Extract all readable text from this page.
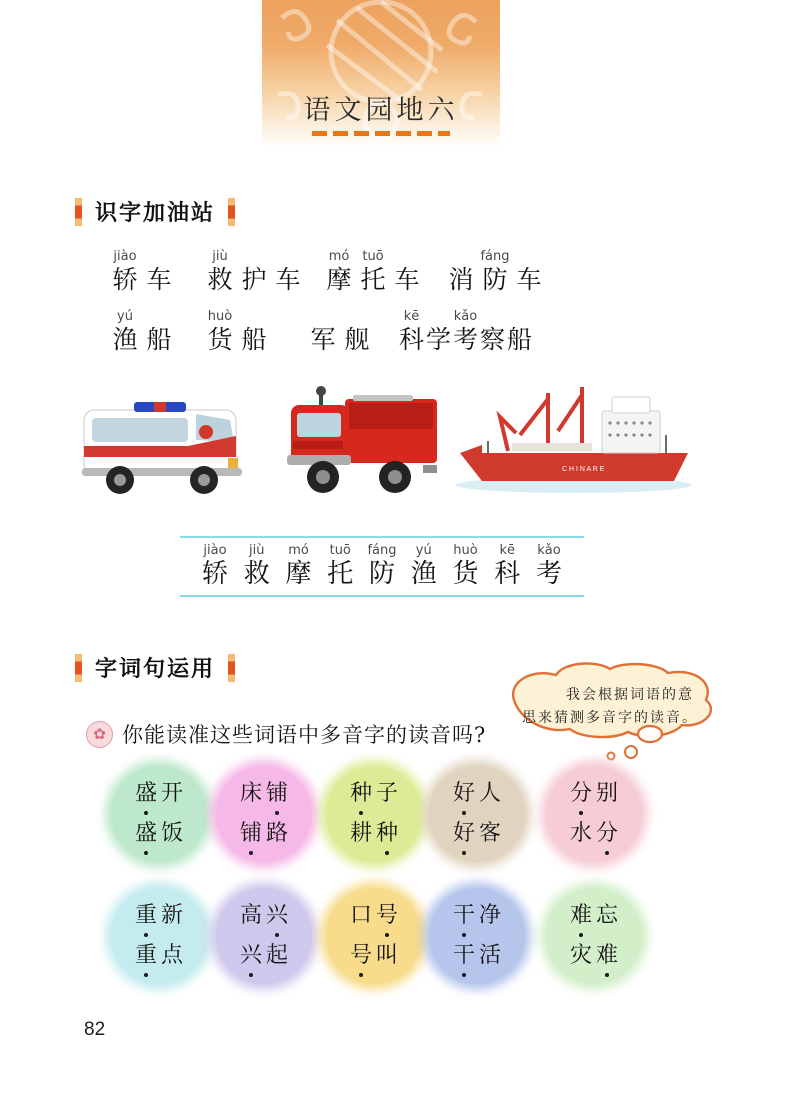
语文园地六
识字加油站
jiào
轿
车
jiù
救
护
车
mó
摩
tuō
托
车
消
fáng
防
车
yú
渔
船
huò
货
船
军
舰
kē
科
学
kǎo
考
察
船
C H I N A R E
jiào
轿
jiù
救
mó
摩
tuō
托
fáng
防
yú
渔
huò
货
kē
科
kǎo
考
字词句运用
我会根据词语的意思来猜测多音字的读音。
✿ 你能读准这些词语中多音字的读音吗?
盛 开
盛 饭
床 铺
铺 路
种 子
耕 种
好 人
好 客
分 别
水 分
重 新
重 点
高 兴
兴 起
口 号
号 叫
干 净
干 活
难 忘
灾 难
82
